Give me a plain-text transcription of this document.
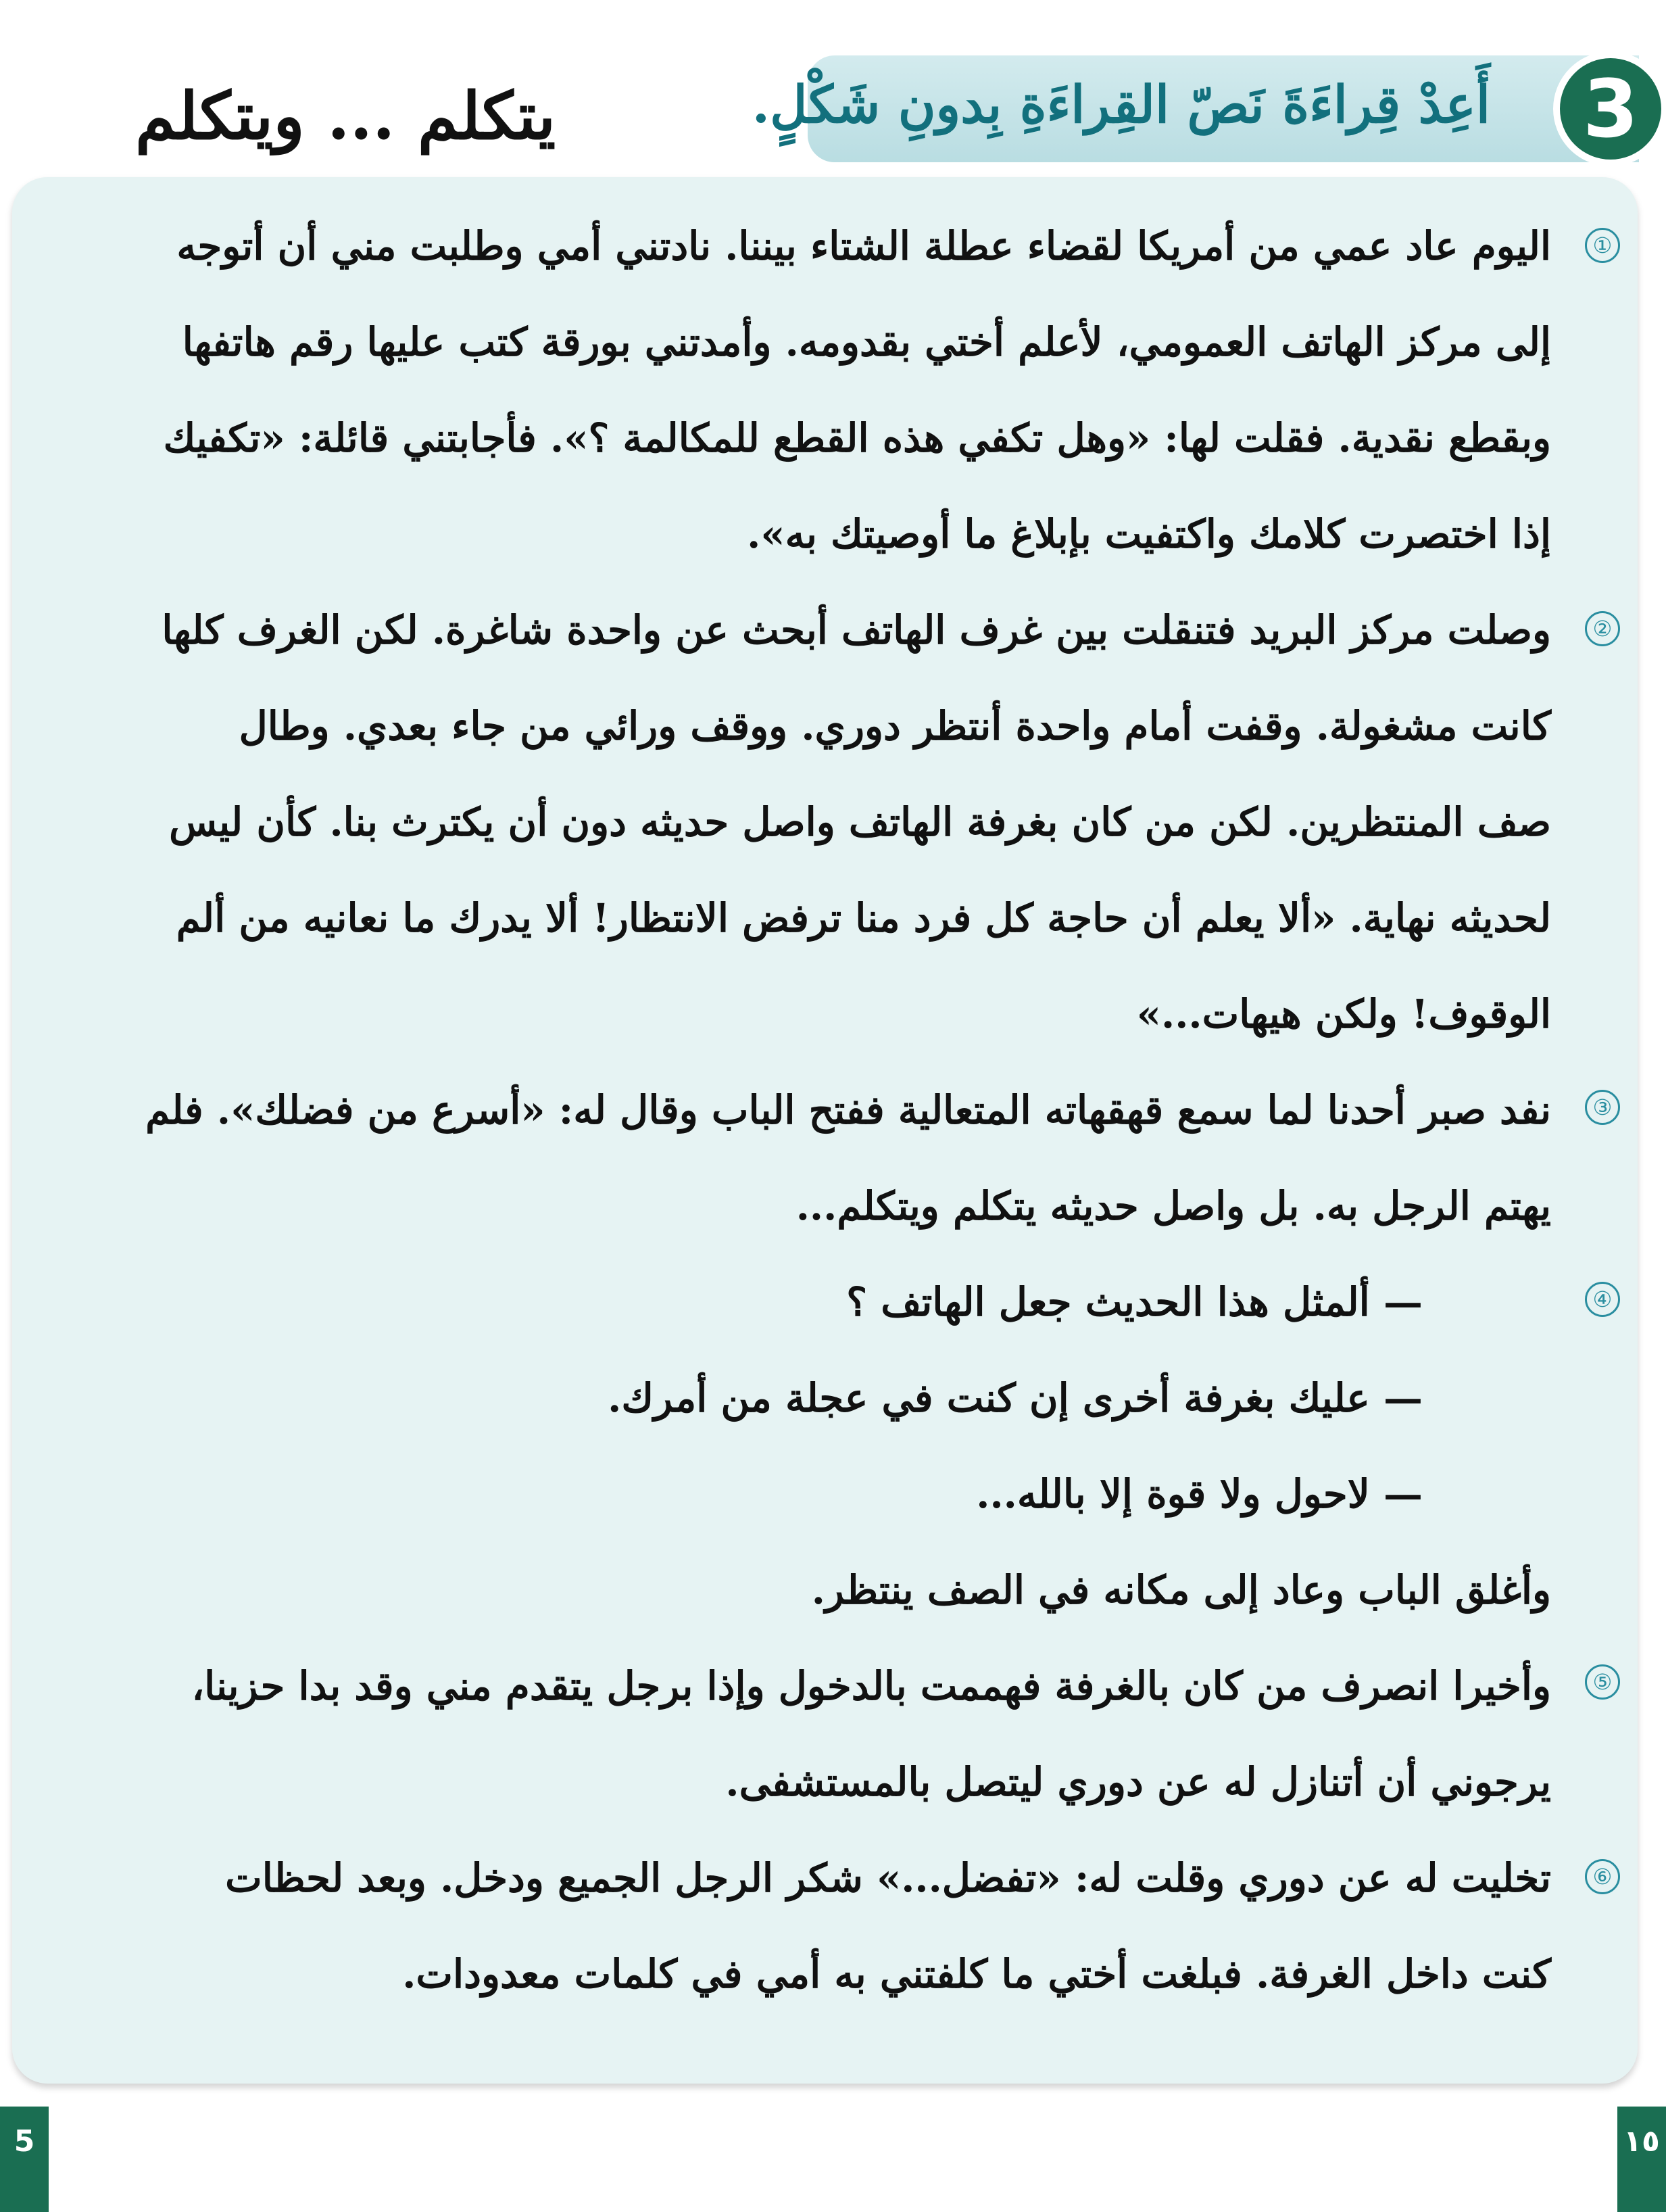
أَعِدْ قِراءَةَ نَصّ القِراءَةِ بِدونِ شَكْلٍ.	3
يتكلم ... ويتكلم
①
②
③
④
⑤
⑥
اليوم عاد عمي من أمريكا لقضاء عطلة الشتاء بيننا. نادتني أمي وطلبت مني أن أتوجه
إلى مركز الهاتف العمومي، لأعلم أختي بقدومه. وأمدتني بورقة كتب عليها رقم هاتفها
وبقطع نقدية. فقلت لها: «وهل تكفي هذه القطع للمكالمة ؟». فأجابتني قائلة: «تكفيك
إذا اختصرت كلامك واكتفيت بإبلاغ ما أوصيتك به».
وصلت مركز البريد فتنقلت بين غرف الهاتف أبحث عن واحدة شاغرة. لكن الغرف كلها
كانت مشغولة. وقفت أمام واحدة أنتظر دوري. ووقف ورائي من جاء بعدي. وطال
صف المنتظرين. لكن من كان بغرفة الهاتف واصل حديثه دون أن يكترث بنا. كأن ليس
لحديثه نهاية. «ألا يعلم أن حاجة كل فرد منا ترفض الانتظار! ألا يدرك ما نعانيه من ألم
الوقوف! ولكن هيهات...»
نفد صبر أحدنا لما سمع قهقهاته المتعالية ففتح الباب وقال له: «أسرع من فضلك». فلم
يهتم الرجل به. بل واصل حديثه يتكلم ويتكلم...
— ألمثل هذا الحديث جعل الهاتف ؟
— عليك بغرفة أخرى إن كنت في عجلة من أمرك.
— لاحول ولا قوة إلا بالله...
وأغلق الباب وعاد إلى مكانه في الصف ينتظر.
وأخيرا انصرف من كان بالغرفة فهممت بالدخول وإذا برجل يتقدم مني وقد بدا حزينا،
يرجوني أن أتنازل له عن دوري ليتصل بالمستشفى.
تخليت له عن دوري وقلت له: «تفضل...» شكر الرجل الجميع ودخل. وبعد لحظات
كنت داخل الغرفة. فبلغت أختي ما كلفتني به أمي في كلمات معدودات.
5	١٥
